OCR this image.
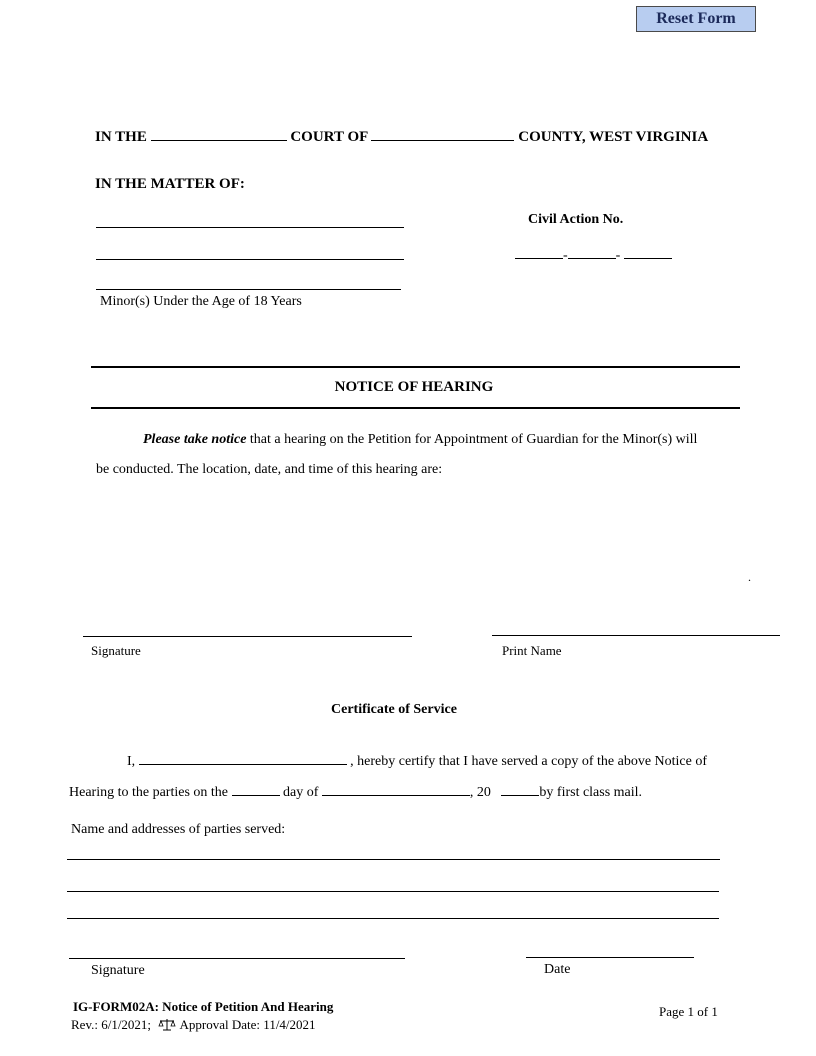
Reset Form
IN THE	COURT OF	COUNTY, WEST VIRGINIA
IN THE MATTER OF:
Minor(s) Under the Age of 18 Years
Civil Action No.
-	-
NOTICE OF HEARING
Please take notice that a hearing on the Petition for Appointment of Guardian for the Minor(s) will
be conducted. The location, date, and time of this hearing are:
.
Signature	Print Name
Certificate of Service
I,	, hereby certify that I have served a copy of the above Notice of
Hearing to the parties on the	day of	, 20	by first class mail.
Name and addresses of parties served:
Signature	Date
IG-FORM02A: Notice of Petition And Hearing
Rev.: 6/1/2021; Approval Date: 11/4/2021
Page 1 of 1
